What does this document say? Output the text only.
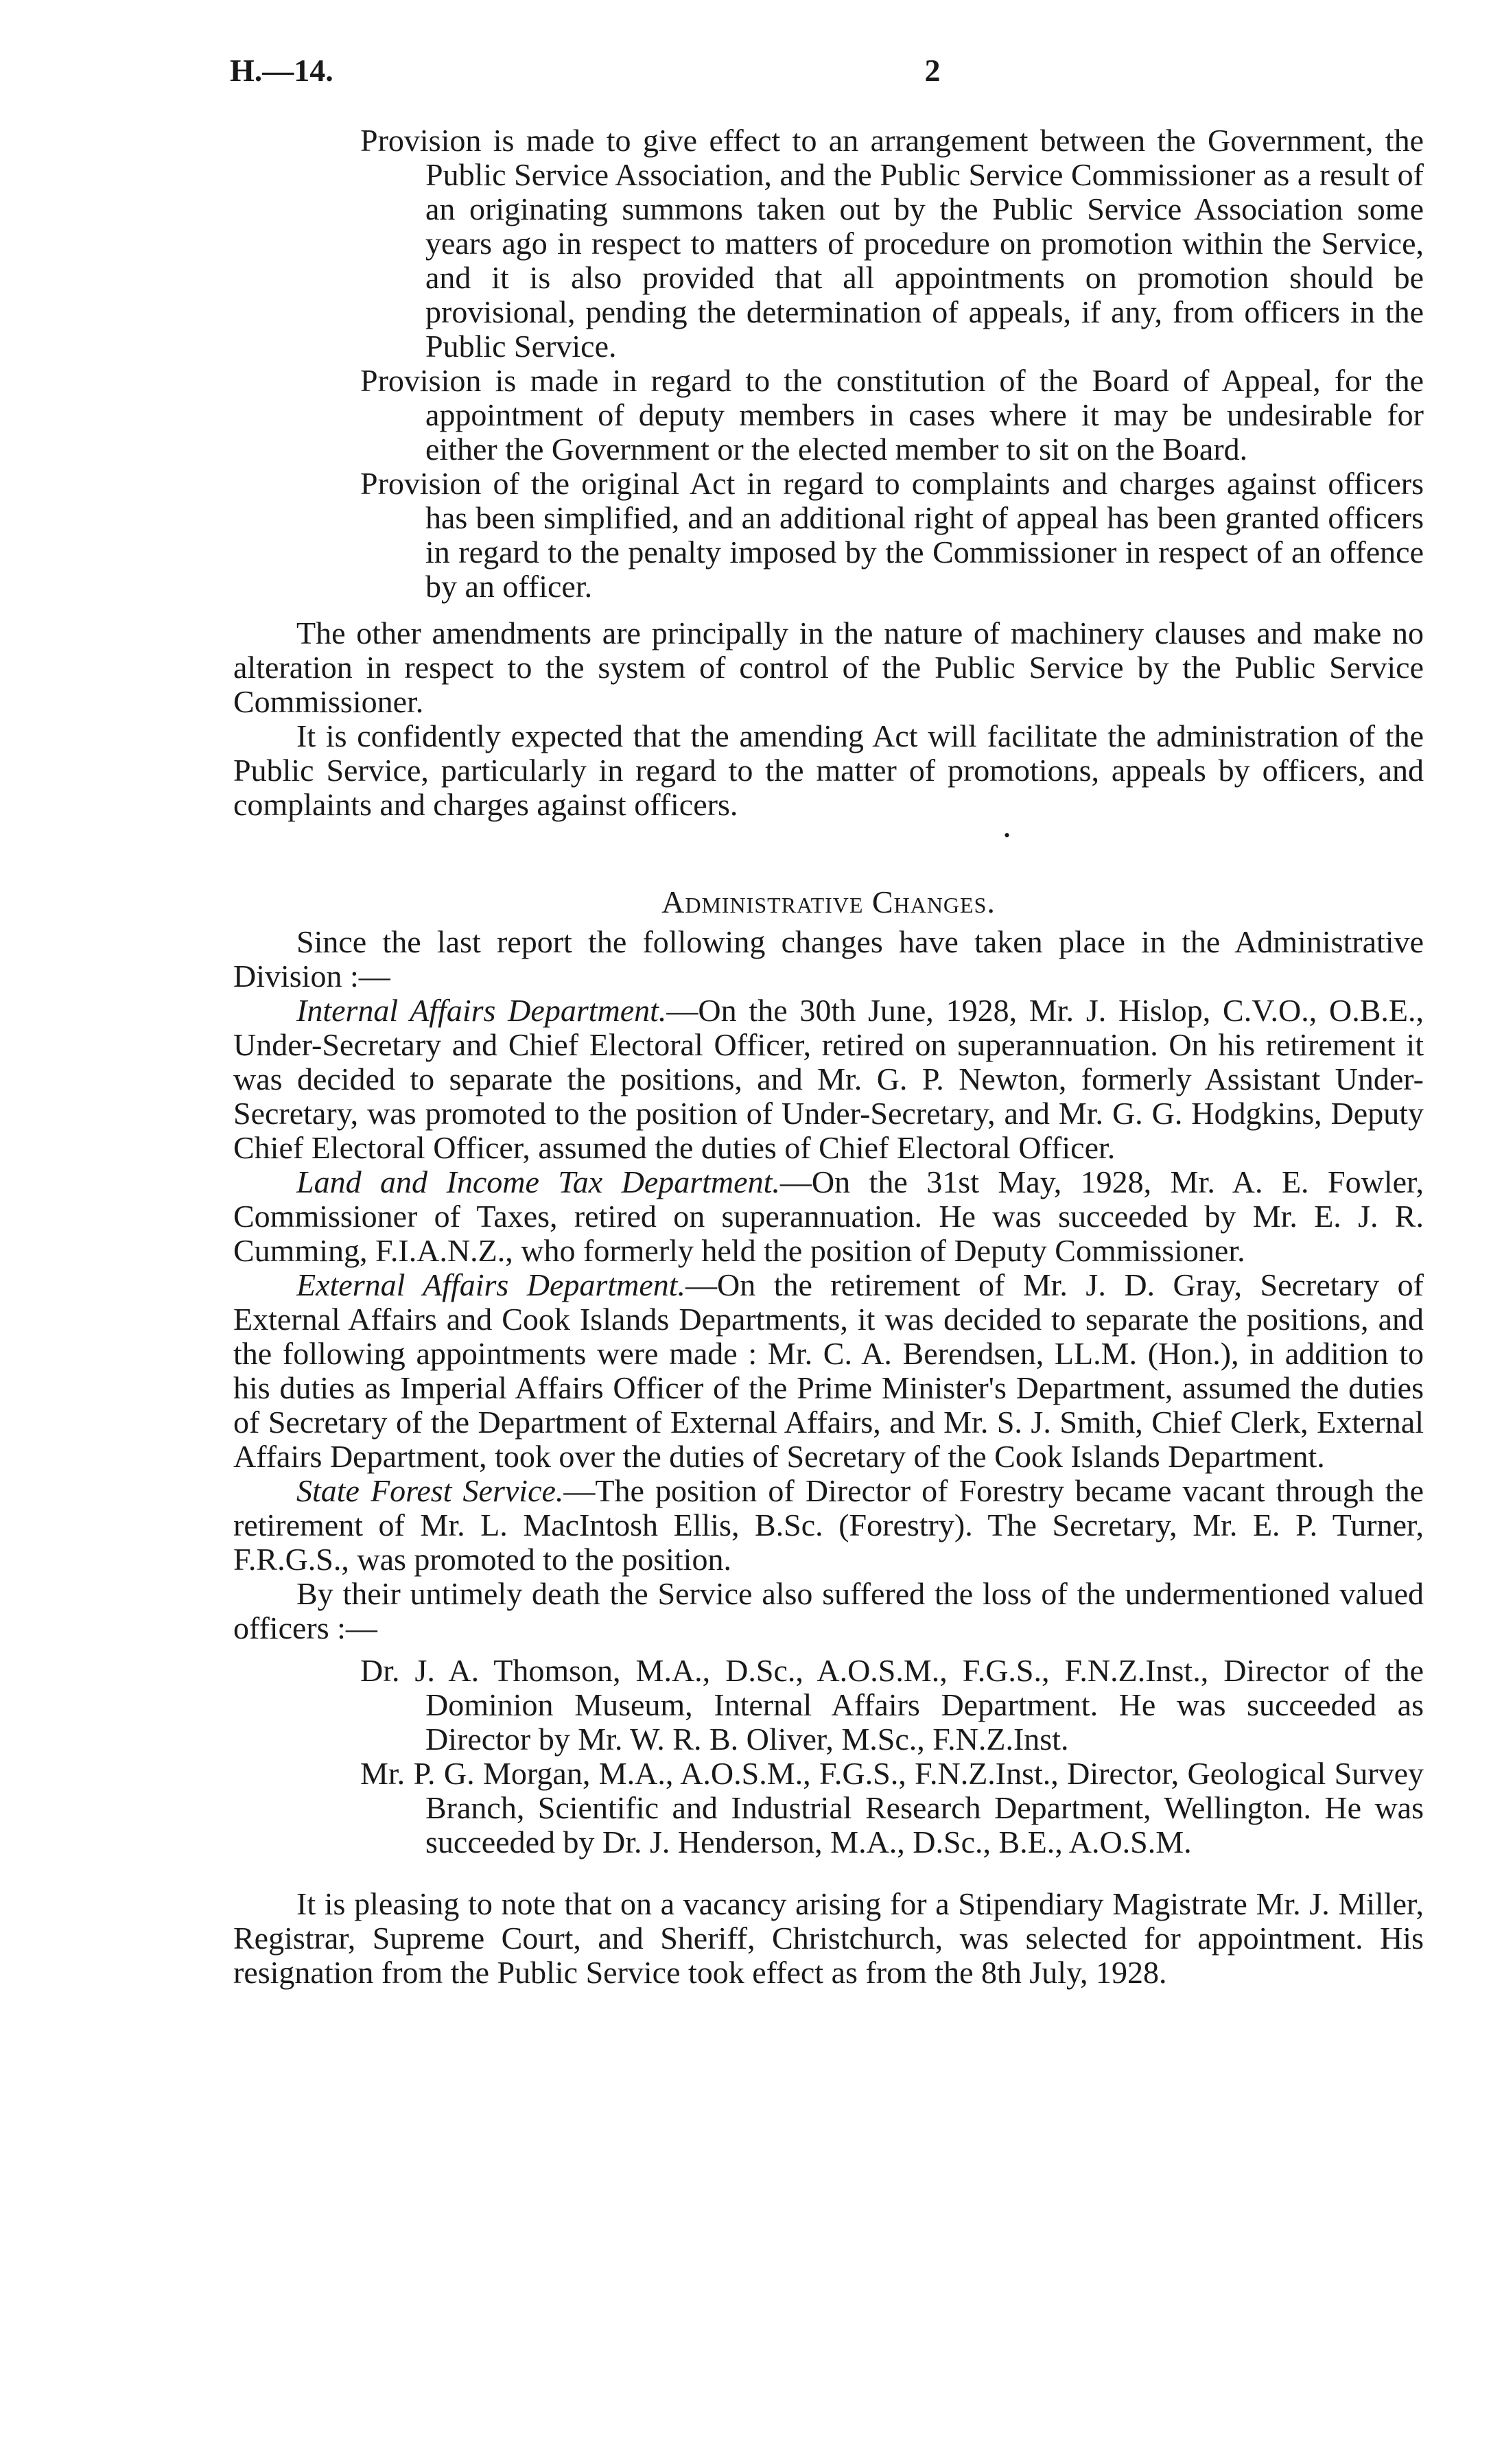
H.—14.	2

Provision is made to give effect to an arrangement between the Government, the Public Service Association, and the Public Service Commissioner as a result of an originating summons taken out by the Public Service Association some years ago in respect to matters of procedure on promotion within the Service, and it is also provided that all appointments on promotion should be provisional, pending the determination of appeals, if any, from officers in the Public Service.

Provision is made in regard to the constitution of the Board of Appeal, for the appointment of deputy members in cases where it may be undesirable for either the Government or the elected member to sit on the Board.

Provision of the original Act in regard to complaints and charges against officers has been simplified, and an additional right of appeal has been granted officers in regard to the penalty imposed by the Commissioner in respect of an offence by an officer.

The other amendments are principally in the nature of machinery clauses and make no alteration in respect to the system of control of the Public Service by the Public Service Commissioner.

It is confidently expected that the amending Act will facilitate the administration of the Public Service, particularly in regard to the matter of promotions, appeals by officers, and complaints and charges against officers.

•
Administrative Changes.

Since the last report the following changes have taken place in the Administrative Division :—

Internal Affairs Department.—On the 30th June, 1928, Mr. J. Hislop, C.V.O., O.B.E., Under-Secretary and Chief Electoral Officer, retired on superannuation. On his retirement it was decided to separate the positions, and Mr. G. P. Newton, formerly Assistant Under-Secretary, was promoted to the position of Under-Secretary, and Mr. G. G. Hodgkins, Deputy Chief Electoral Officer, assumed the duties of Chief Electoral Officer.

Land and Income Tax Department.—On the 31st May, 1928, Mr. A. E. Fowler, Commissioner of Taxes, retired on superannuation. He was succeeded by Mr. E. J. R. Cumming, F.I.A.N.Z., who formerly held the position of Deputy Commissioner.

External Affairs Department.—On the retirement of Mr. J. D. Gray, Secretary of External Affairs and Cook Islands Departments, it was decided to separate the positions, and the following appointments were made : Mr. C. A. Berendsen, LL.M. (Hon.), in addition to his duties as Imperial Affairs Officer of the Prime Minister's Department, assumed the duties of Secretary of the Department of External Affairs, and Mr. S. J. Smith, Chief Clerk, External Affairs Department, took over the duties of Secretary of the Cook Islands Department.

State Forest Service.—The position of Director of Forestry became vacant through the retirement of Mr. L. MacIntosh Ellis, B.Sc. (Forestry). The Secretary, Mr. E. P. Turner, F.R.G.S., was promoted to the position.

By their untimely death the Service also suffered the loss of the undermentioned valued officers :—

Dr. J. A. Thomson, M.A., D.Sc., A.O.S.M., F.G.S., F.N.Z.Inst., Director of the Dominion Museum, Internal Affairs Department. He was succeeded as Director by Mr. W. R. B. Oliver, M.Sc., F.N.Z.Inst.

Mr. P. G. Morgan, M.A., A.O.S.M., F.G.S., F.N.Z.Inst., Director, Geological Survey Branch, Scientific and Industrial Research Department, Wellington. He was succeeded by Dr. J. Henderson, M.A., D.Sc., B.E., A.O.S.M.

It is pleasing to note that on a vacancy arising for a Stipendiary Magistrate Mr. J. Miller, Registrar, Supreme Court, and Sheriff, Christchurch, was selected for appointment. His resignation from the Public Service took effect as from the 8th July, 1928.
